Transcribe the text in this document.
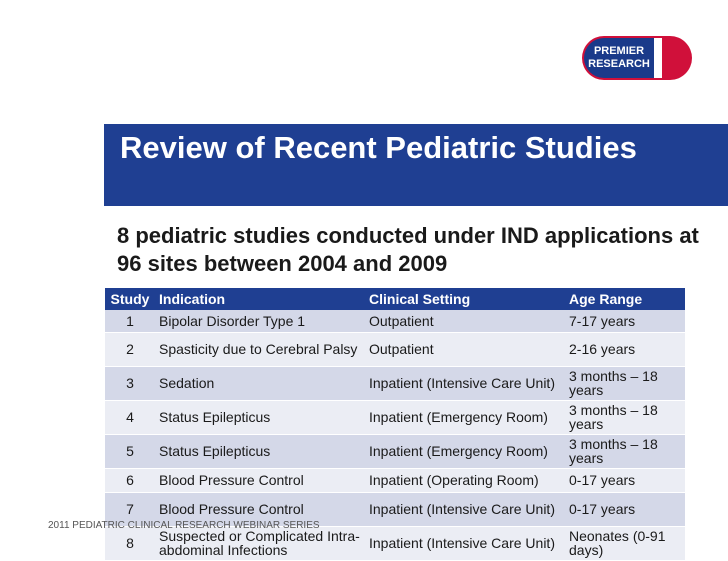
PREMIER
RESEARCH
Review of Recent Pediatric Studies
8 pediatric studies conducted under IND applications at 96 sites between 2004 and 2009
Study	Indication	Clinical Setting	Age Range
1	Bipolar Disorder Type 1	Outpatient	7-17 years
2	Spasticity due to Cerebral Palsy	Outpatient	2-16 years
3	Sedation	Inpatient (Intensive Care Unit)	3 months – 18 years
4	Status Epilepticus	Inpatient (Emergency Room)	3 months – 18 years
5	Status Epilepticus	Inpatient (Emergency Room)	3 months – 18 years
6	Blood Pressure Control	Inpatient (Operating Room)	0-17 years
7	Blood Pressure Control	Inpatient (Intensive Care Unit)	0-17 years
8	Suspected or Complicated Intra-abdominal Infections	Inpatient (Intensive Care Unit)	Neonates (0-91 days)
2011 PEDIATRIC CLINICAL RESEARCH WEBINAR SERIES
